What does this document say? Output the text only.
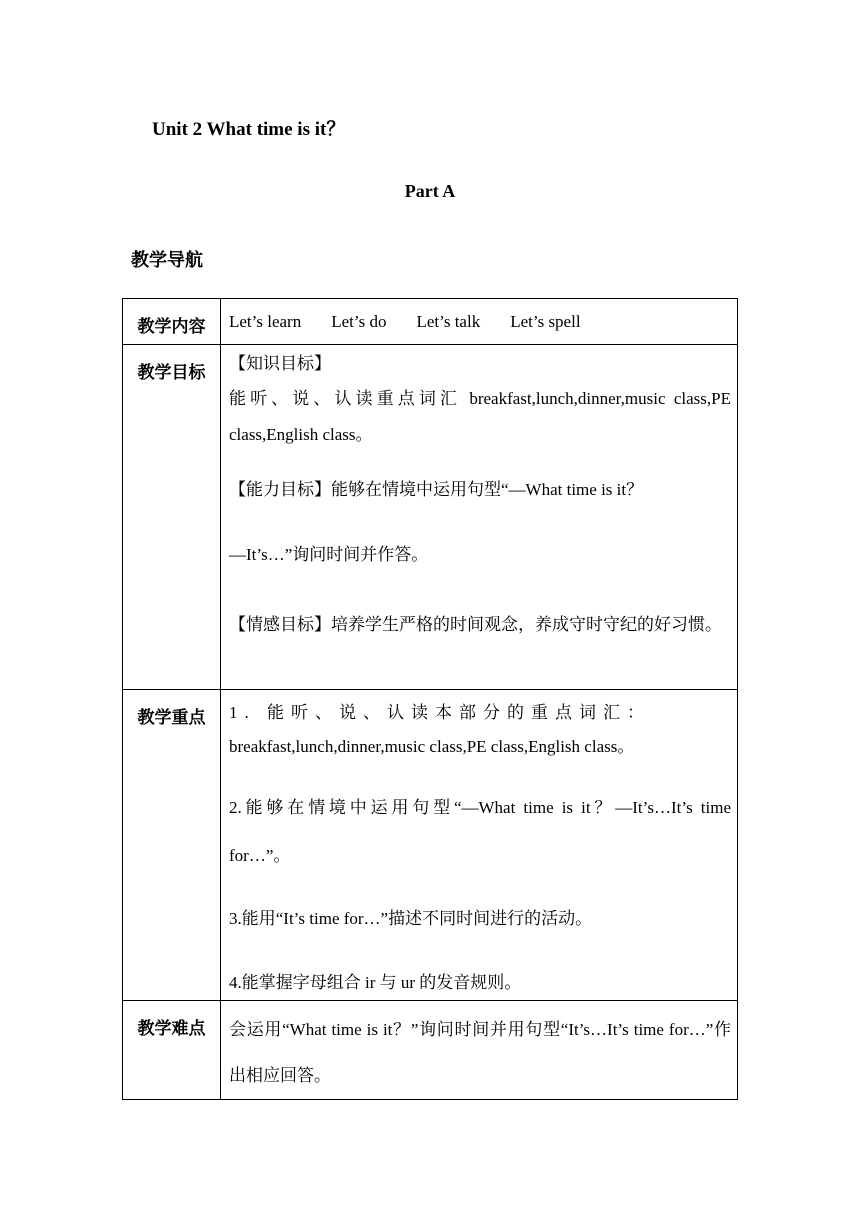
Unit 2 What time is it？
Part A
教学导航
教学内容	Let’s learn Let’s do Let’s talk Let’s spell

教学目标	【知识目标】

能听、说、认读重点词汇 breakfast,lunch,dinner,music class,PE class,English class。

【能力目标】能够在情境中运用句型“—What time is it？

—It’s…”询问时间并作答。

【情感目标】培养学生严格的时间观念，养成守时守纪的好习惯。

教学重点	1. 能听、说、认读本部分的重点词汇：

breakfast,lunch,dinner,music class,PE class,English class。

2.能够在情境中运用句型“—What time is it？—It’s…It’s time for…”。

3.能用“It’s time for…”描述不同时间进行的活动。

4.能掌握字母组合 ir 与 ur 的发音规则。

教学难点	会运用“What time is it？”询问时间并用句型“It’s…It’s time for…”作出相应回答。
